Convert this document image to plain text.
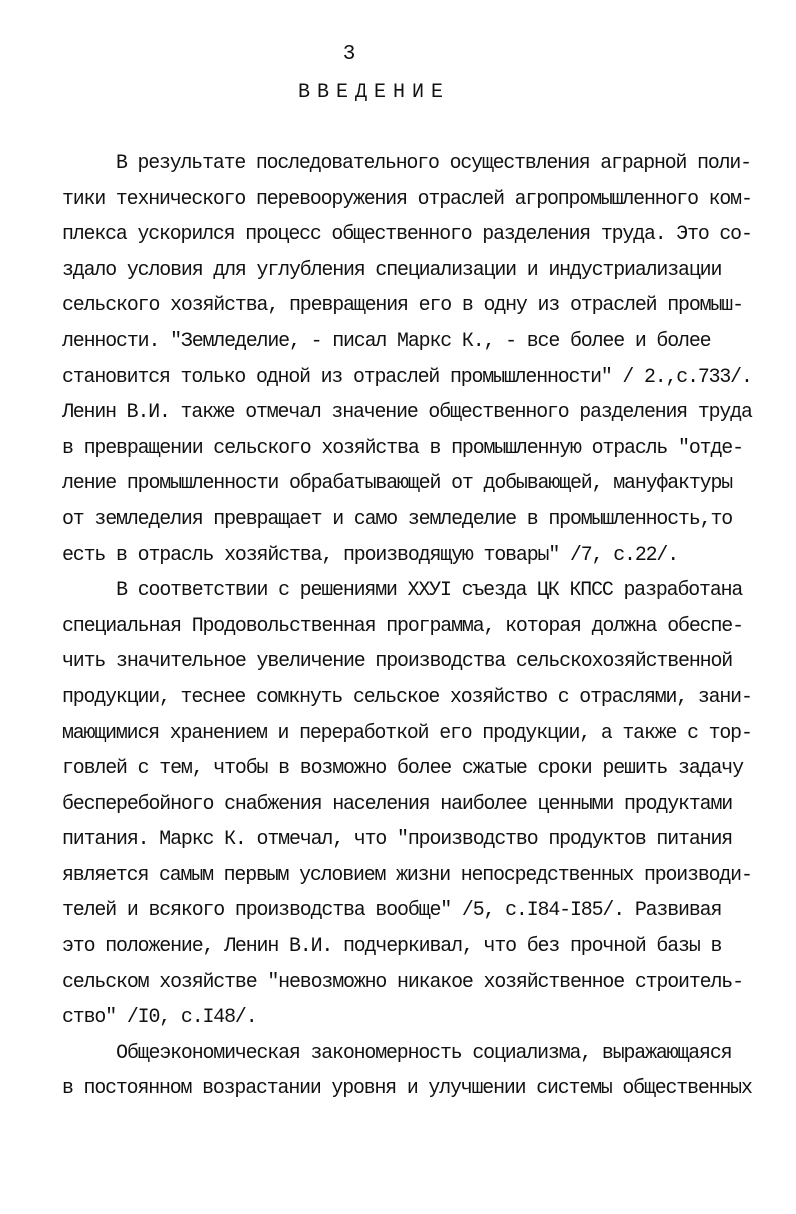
3
ВВЕДЕНИЕ
В результате последовательного осуществления аграрной поли-
тики технического перевооружения отраслей агропромышленного ком-
плекса ускорился процесс общественного разделения труда. Это со-
здало условия для углубления специализации и индустриализации
сельского хозяйства, превращения его в одну из отраслей промыш-
ленности. "Земледелие, - писал Маркс К., - все более и более
становится только одной из отраслей промышленности" / 2.,с.733/.
Ленин В.И. также отмечал значение общественного разделения труда
в превращении сельского хозяйства в промышленную отрасль "отде-
ление промышленности обрабатывающей от добывающей, мануфактуры
от земледелия превращает и само земледелие в промышленность,то
есть в отрасль хозяйства, производящую товары" /7, с.22/.
В соответствии с решениями ХХУI съезда ЦК КПСС разработана
специальная Продовольственная программа, которая должна обеспе-
чить значительное увеличение производства сельскохозяйственной
продукции, теснее сомкнуть сельское хозяйство с отраслями, зани-
мающимися хранением и переработкой его продукции, а также с тор-
говлей с тем, чтобы в возможно более сжатые сроки решить задачу
бесперебойного снабжения населения наиболее ценными продуктами
питания. Маркс К. отмечал, что "производство продуктов питания
является самым первым условием жизни непосредственных производи-
телей и всякого производства вообще" /5, с.I84-I85/. Развивая
это положение, Ленин В.И. подчеркивал, что без прочной базы в
сельском хозяйстве "невозможно никакое хозяйственное строитель-
ство" /I0, с.I48/.
Общеэкономическая закономерность социализма, выражающаяся
в постоянном возрастании уровня и улучшении системы общественных
